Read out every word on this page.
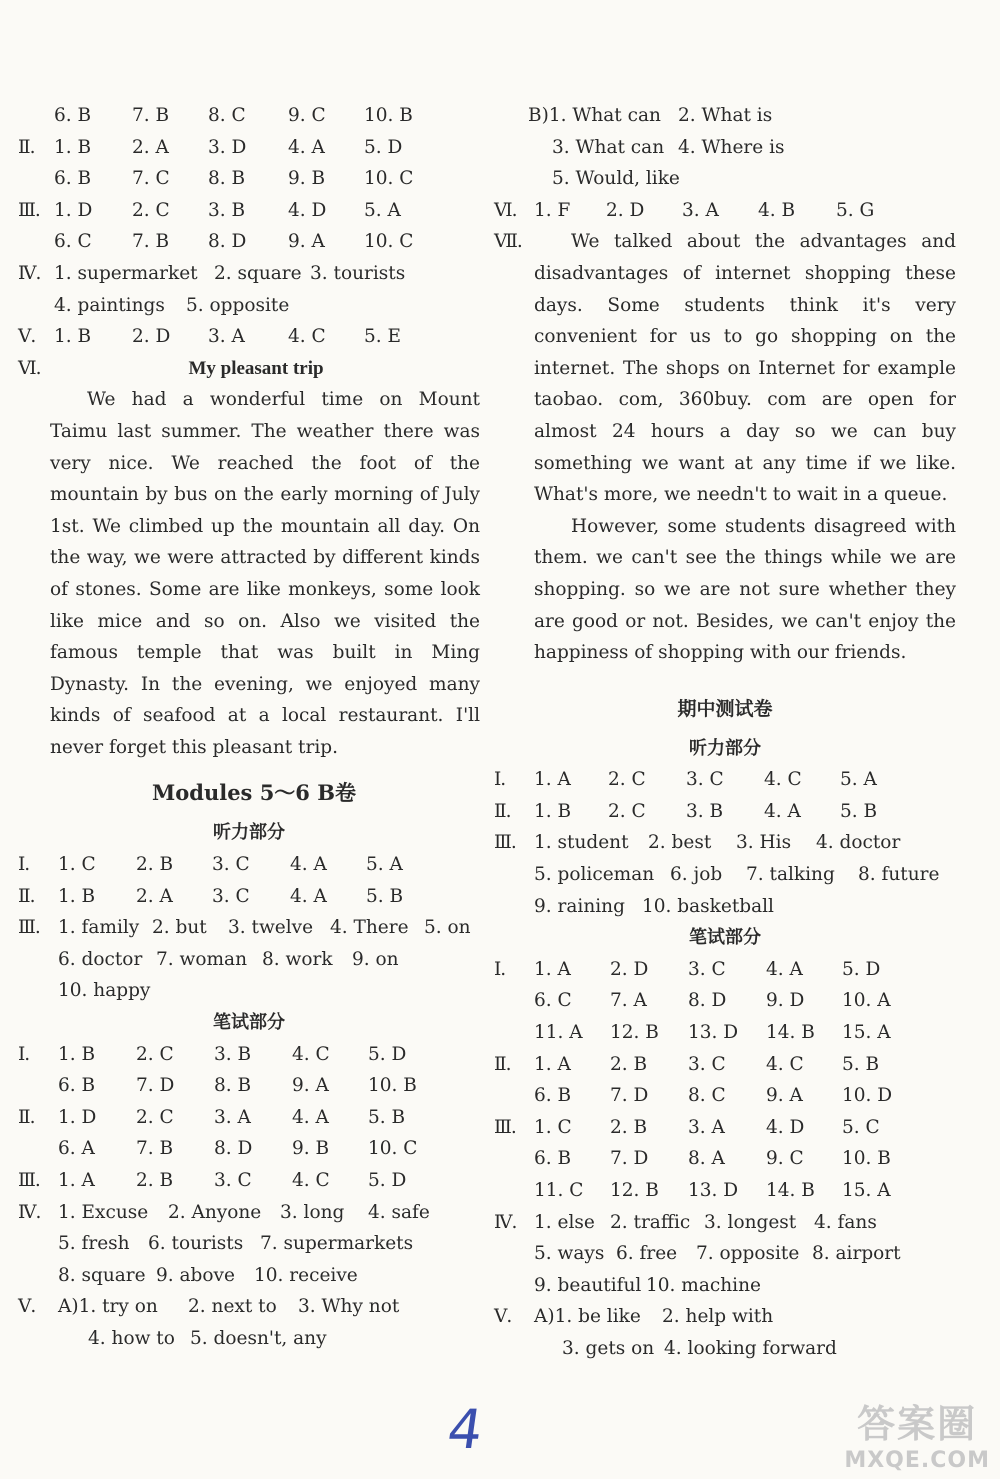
6. B 7. B 8. C 9. C 10. B
Ⅱ. 1. B 2. A 3. D 4. A 5. D
6. B 7. C 8. B 9. B 10. C
Ⅲ. 1. D 2. C 3. B 4. D 5. A
6. C 7. B 8. D 9. A 10. C
Ⅳ. 1. supermarket 2. square 3. tourists
4. paintings 5. opposite
Ⅴ. 1. B 2. D 3. A 4. C 5. E
Ⅵ.	My pleasant trip

We had a wonderful time on Mount Taimu last summer. The weather there was very nice. We reached the foot of the mountain by bus on the early morning of July 1st. We climbed up the mountain all day. On the way, we were attracted by different kinds of stones. Some are like monkeys, some look like mice and so on. Also we visited the famous temple that was built in Ming Dynasty. In the evening, we enjoyed many kinds of seafood at a local restaurant. I'll never forget this pleasant trip.

Modules 5～6 B卷
听力部分
Ⅰ. 1. C 2. B 3. C 4. A 5. A
Ⅱ. 1. B 2. A 3. C 4. A 5. B
Ⅲ. 1. family 2. but 3. twelve 4. There 5. on
6. doctor 7. woman 8. work 9. on
10. happy
笔试部分
Ⅰ. 1. B 2. C 3. B 4. C 5. D
6. B 7. D 8. B 9. A 10. B
Ⅱ. 1. D 2. C 3. A 4. A 5. B
6. A 7. B 8. D 9. B 10. C
Ⅲ. 1. A 2. B 3. C 4. C 5. D
Ⅳ. 1. Excuse 2. Anyone 3. long 4. safe
5. fresh 6. tourists 7. supermarkets
8. square 9. above 10. receive
Ⅴ. A)1. try on 2. next to 3. Why not
4. how to 5. doesn't, any
B)1. What can 2. What is
3. What can 4. Where is
5. Would, like
Ⅵ. 1. F 2. D 3. A 4. B 5. G
Ⅶ.	We talked about the advantages and disadvantages of internet shopping these days. Some students think it's very convenient for us to go shopping on the internet. The shops on Internet for example taobao. com, 360buy. com are open for almost 24 hours a day so we can buy something we want at any time if we like. What's more, we needn't to wait in a queue.

However, some students disagreed with them. we can't see the things while we are shopping. so we are not sure whether they are good or not. Besides, we can't enjoy the happiness of shopping with our friends.

期中测试卷
听力部分
Ⅰ. 1. A 2. C 3. C 4. C 5. A
Ⅱ. 1. B 2. C 3. B 4. A 5. B
Ⅲ. 1. student 2. best 3. His 4. doctor
5. policeman 6. job 7. talking 8. future
9. raining 10. basketball
笔试部分
Ⅰ. 1. A 2. D 3. C 4. A 5. D
6. C 7. A 8. D 9. D 10. A
11. A 12. B 13. D 14. B 15. A
Ⅱ. 1. A 2. B 3. C 4. C 5. B
6. B 7. D 8. C 9. A 10. D
Ⅲ. 1. C 2. B 3. A 4. D 5. C
6. B 7. D 8. A 9. C 10. B
11. C 12. B 13. D 14. B 15. A
Ⅳ. 1. else 2. traffic 3. longest 4. fans
5. ways 6. free 7. opposite 8. airport
9. beautiful 10. machine
Ⅴ. A)1. be like 2. help with
3. gets on 4. looking forward
4	答案圈
MXQE.COM
